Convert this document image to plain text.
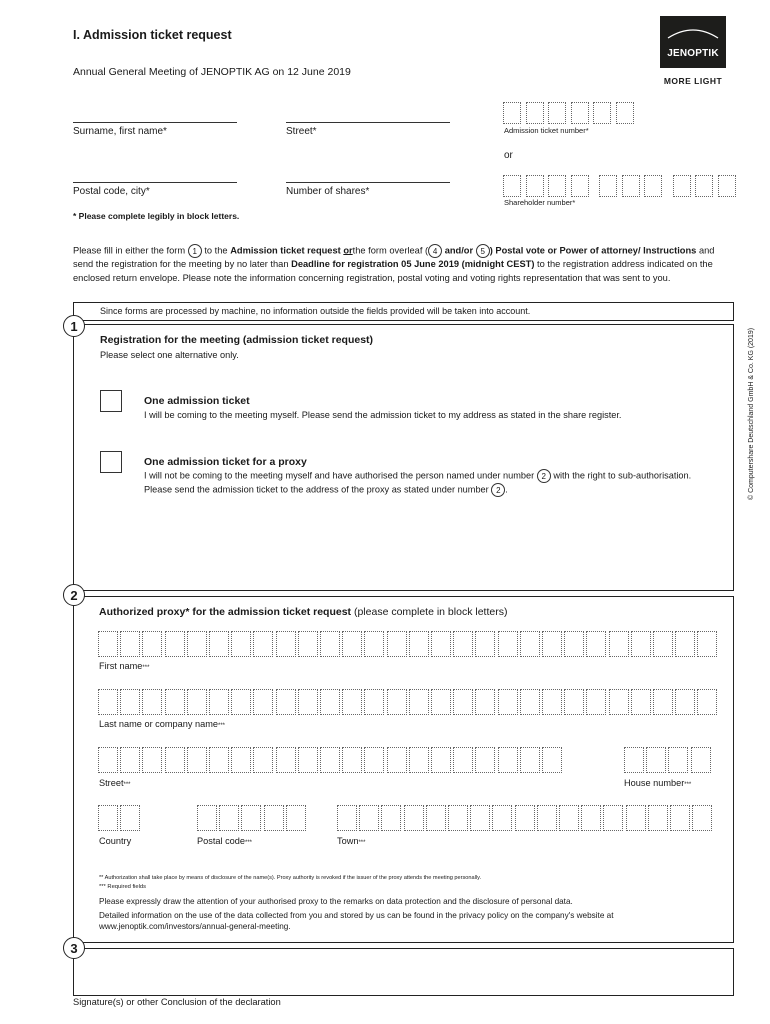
I. Admission ticket request
Annual General Meeting of JENOPTIK AG on 12 June 2019
JENOPTIK
MORE LIGHT
Surname, first name*	Street*
Postal code, city*	Number of shares*
Admission ticket number*
or
Shareholder number*
* Please complete legibly in block letters.
Please fill in either the form 1 to the Admission ticket request orthe form overleaf ( 4 and/or 5 ) Postal vote or Power of attorney/ Instructions and send the registration for the meeting by no later than Deadline for registration 05 June 2019 (midnight CEST) to the registration address indicated on the enclosed return envelope. Please note the information concerning registration, postal voting and voting rights representation that was sent to you.
Since forms are processed by machine, no information outside the fields provided will be taken into account.
1
Registration for the meeting (admission ticket request)
Please select one alternative only.
One admission ticket
I will be coming to the meeting myself. Please send the admission ticket to my address as stated in the share register.
One admission ticket for a proxy
I will not be coming to the meeting myself and have authorised the person named under number 2 with the right to sub-authorisation. Please send the admission ticket to the address of the proxy as stated under number 2 .
2
Authorized proxy* for the admission ticket request (please complete in block letters)
First name***
Last name or company name***
Street***	House number***
Country	Postal code***	Town***
** Authorization shall take place by means of disclosure of the name(s). Proxy authority is revoked if the issuer of the proxy attends the meeting personally.
*** Required fields
Please expressly draw the attention of your authorised proxy to the remarks on data protection and the disclosure of personal data.
Detailed information on the use of the data collected from you and stored by us can be found in the privacy policy on the company's website at www.jenoptik.com/investors/annual-general-meeting.
3
Signature(s) or other Conclusion of the declaration
© Computershare Deutschland GmbH & Co. KG (2019)
